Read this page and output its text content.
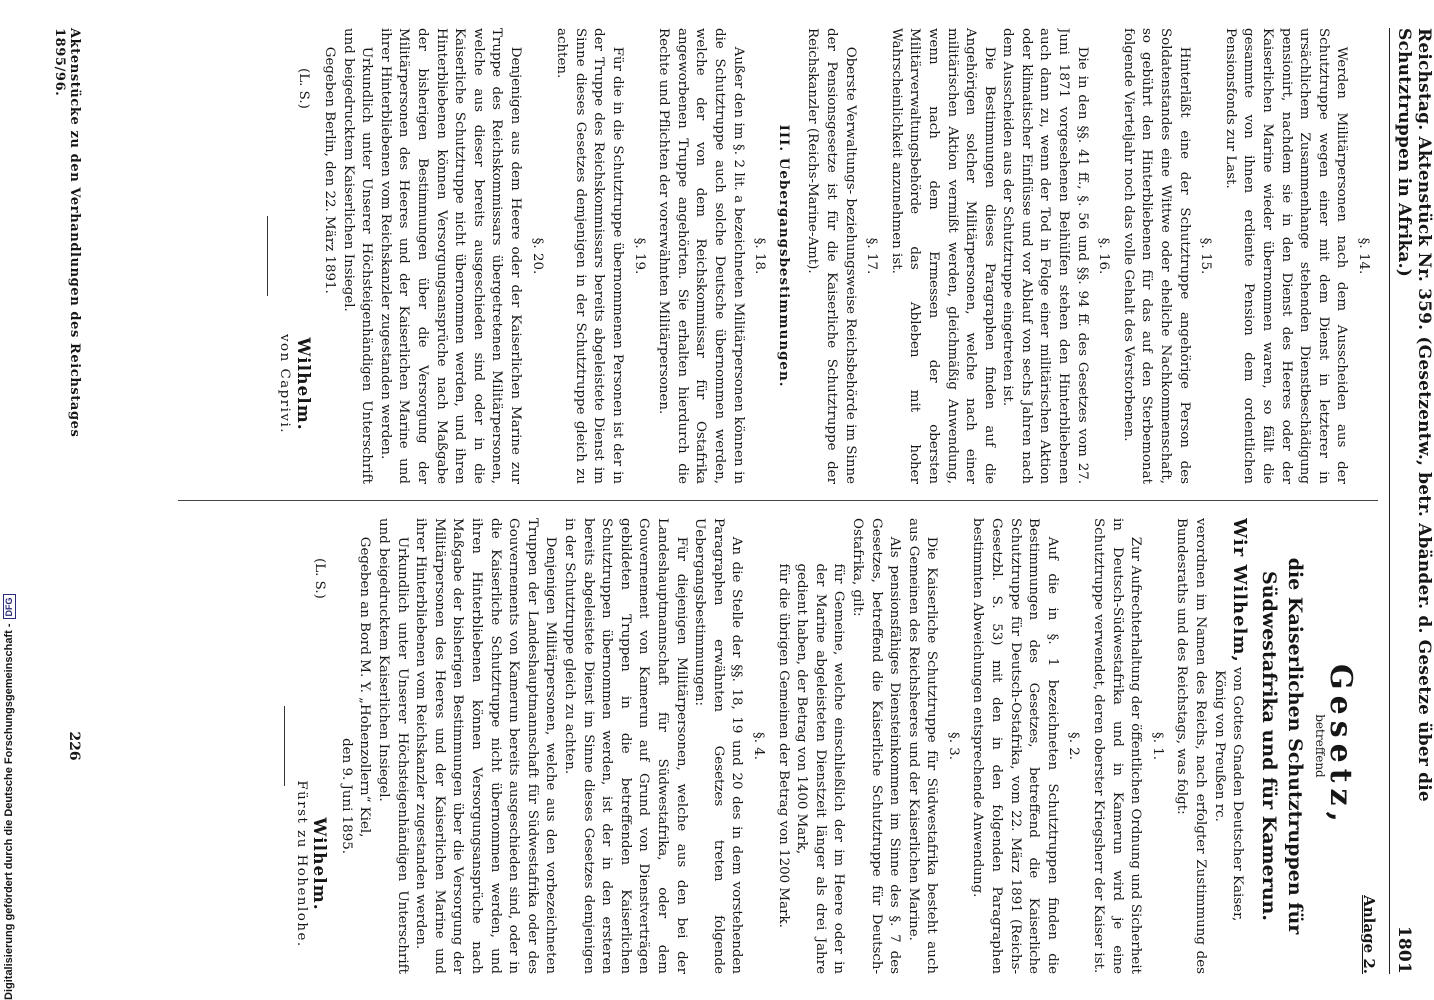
Digitalisierung gefördert durch die Deutsche Forschungsgemeinschaft -
DFG	Reichstag. Aktenstück Nr. 359. (Gesetzentw., betr. Abänder. d. Gesetze über die Schutztruppen in Afrika.)
1801
§. 14.
Werden Militärpersonen nach dem Ausscheiden aus der Schutztruppe wegen einer mit dem Dienst in letzterer in ursächlichem Zusammenhange stehenden Dienstbeschädigung pensionirt, nachdem sie in den Dienst des Heeres oder der Kaiserlichen Marine wieder übernommen waren, so fällt die gesammte von ihnen erdiente Pension dem ordentlichen Pensionsfonds zur Last.
§. 15.
Hinterläßt eine der Schutztruppe angehörige Person des Soldatenstandes eine Wittwe oder eheliche Nachkommenschaft, so gebührt den Hinterbliebenen für das auf den Sterbemonat folgende Vierteljahr noch das volle Gehalt des Verstorbenen.
§. 16.
Die in den §§. 41 ff., §. 56 und §§. 94 ff. des Gesetzes vom 27. Juni 1871 vorgesehenen Beihülfen stehen den Hinterbliebenen auch dann zu, wenn der Tod in Folge einer militärischen Aktion oder klimatischer Einflüsse und vor Ablauf von sechs Jahren nach dem Ausscheiden aus der Schutztruppe eingetreten ist.
Die Bestimmungen dieses Paragraphen finden auf die Angehörigen solcher Militärpersonen, welche nach einer militärischen Aktion vermißt werden, gleichmäßig Anwendung, wenn nach dem Ermessen der obersten Militärverwaltungsbehörde das Ableben mit hoher Wahrscheinlichkeit anzunehmen ist.
§. 17.
Oberste Verwaltungs- beziehungsweise Reichsbehörde im Sinne der Pensionsgesetze ist für die Kaiserliche Schutztruppe der Reichskanzler (Reichs-Marine-Amt).
III. Uebergangsbestimmungen.
§. 18.
Außer den im §. 2 lit. a bezeichneten Militärpersonen können in die Schutztruppe auch solche Deutsche übernommen werden, welche der von dem Reichskommissar für Ostafrika angeworbenen Truppe angehörten. Sie erhalten hierdurch die Rechte und Pflichten der vorerwähnten Militärpersonen.
§. 19.
Für die in die Schutztruppe übernommenen Personen ist der in der Truppe des Reichskommissars bereits abgeleistete Dienst im Sinne dieses Gesetzes demjenigen in der Schutztruppe gleich zu achten.
§. 20.
Denjenigen aus dem Heere oder der Kaiserlichen Marine zur Truppe des Reichskommissars übergetretenen Militärpersonen, welche aus dieser bereits ausgeschieden sind oder in die Kaiserliche Schutztruppe nicht übernommen werden, und ihren Hinterbliebenen können Versorgungsansprüche nach Maßgabe der bisherigen Bestimmungen über die Versorgung der Militärpersonen des Heeres und der Kaiserlichen Marine und ihrer Hinterbliebenen vom Reichskanzler zugestanden werden.
Urkundlich unter Unserer Höchsteigenhändigen Unterschrift und beigedrucktem Kaiserlichen Insiegel.
Gegeben Berlin, den 22. März 1891.
(L. S.)
Wilhelm.
von Caprivi.
Anlage 2.
Gesetz,
betreffend
die Kaiserlichen Schutztruppen für Südwestafrika und für Kamerun.
Wir Wilhelm, von Gottes Gnaden Deutscher Kaiser,
König von Preußen rc.
verordnen im Namen des Reichs, nach erfolgter Zustimmung des Bundesraths und des Reichstags, was folgt:
§. 1.
Zur Aufrechterhaltung der öffentlichen Ordnung und Sicherheit in Deutsch-Südwestafrika und in Kamerun wird je eine Schutztruppe verwendet, deren oberster Kriegsherr der Kaiser ist.
§. 2.
Auf die in §. 1 bezeichneten Schutztruppen finden die Bestimmungen des Gesetzes, betreffend die Kaiserliche Schutztruppe für Deutsch-Ostafrika, vom 22. März 1891 (Reichs-Gesetzbl. S. 53) mit den in den folgenden Paragraphen bestimmten Abweichungen entsprechende Anwendung.
§. 3.
Die Kaiserliche Schutztruppe für Südwestafrika besteht auch aus Gemeinen des Reichsheeres und der Kaiserlichen Marine.
Als pensionsfähiges Diensteinkommen im Sinne des §. 7 des Gesetzes, betreffend die Kaiserliche Schutztruppe für Deutsch-Ostafrika, gilt:
für Gemeine, welche einschließlich der im Heere oder in der Marine abgeleisteten Dienstzeit länger als drei Jahre gedient haben, der Betrag von 1400 Mark,
für die übrigen Gemeinen der Betrag von 1200 Mark.
§. 4.
An die Stelle der §§. 18, 19 und 20 des in dem vorstehenden Paragraphen erwähnten Gesetzes treten folgende Uebergangsbestimmungen:
Für diejenigen Militärpersonen, welche aus den bei der Landeshauptmannschaft für Südwestafrika, oder dem Gouvernement von Kamerun auf Grund von Dienstverträgen gebildeten Truppen in die betreffenden Kaiserlichen Schutztruppen übernommen werden, ist der in den ersteren bereits abgeleistete Dienst im Sinne dieses Gesetzes demjenigen in der Schutztruppe gleich zu achten.
Denjenigen Militärpersonen, welche aus den vorbezeichneten Truppen der Landeshauptmannschaft für Südwestafrika oder des Gouvernements von Kamerun bereits ausgeschieden sind, oder in die Kaiserliche Schutztruppe nicht übernommen werden, und ihren Hinterbliebenen können Versorgungsansprüche nach Maßgabe der bisherigen Bestimmungen über die Versorgung der Militärpersonen des Heeres und der Kaiserlichen Marine und ihrer Hinterbliebenen vom Reichskanzler zugestanden werden.
Urkundlich unter Unserer Höchsteigenhändigen Unterschrift und beigedrucktem Kaiserlichen Insiegel.
Gegeben an Bord M. Y. „Hohenzollern“ Kiel,
den 9. Juni 1895.
(L. S.)
Wilhelm.
Fürst zu Hohenlohe.
Aktenstücke zu den Verhandlungen des Reichstages 1895/96.
226
